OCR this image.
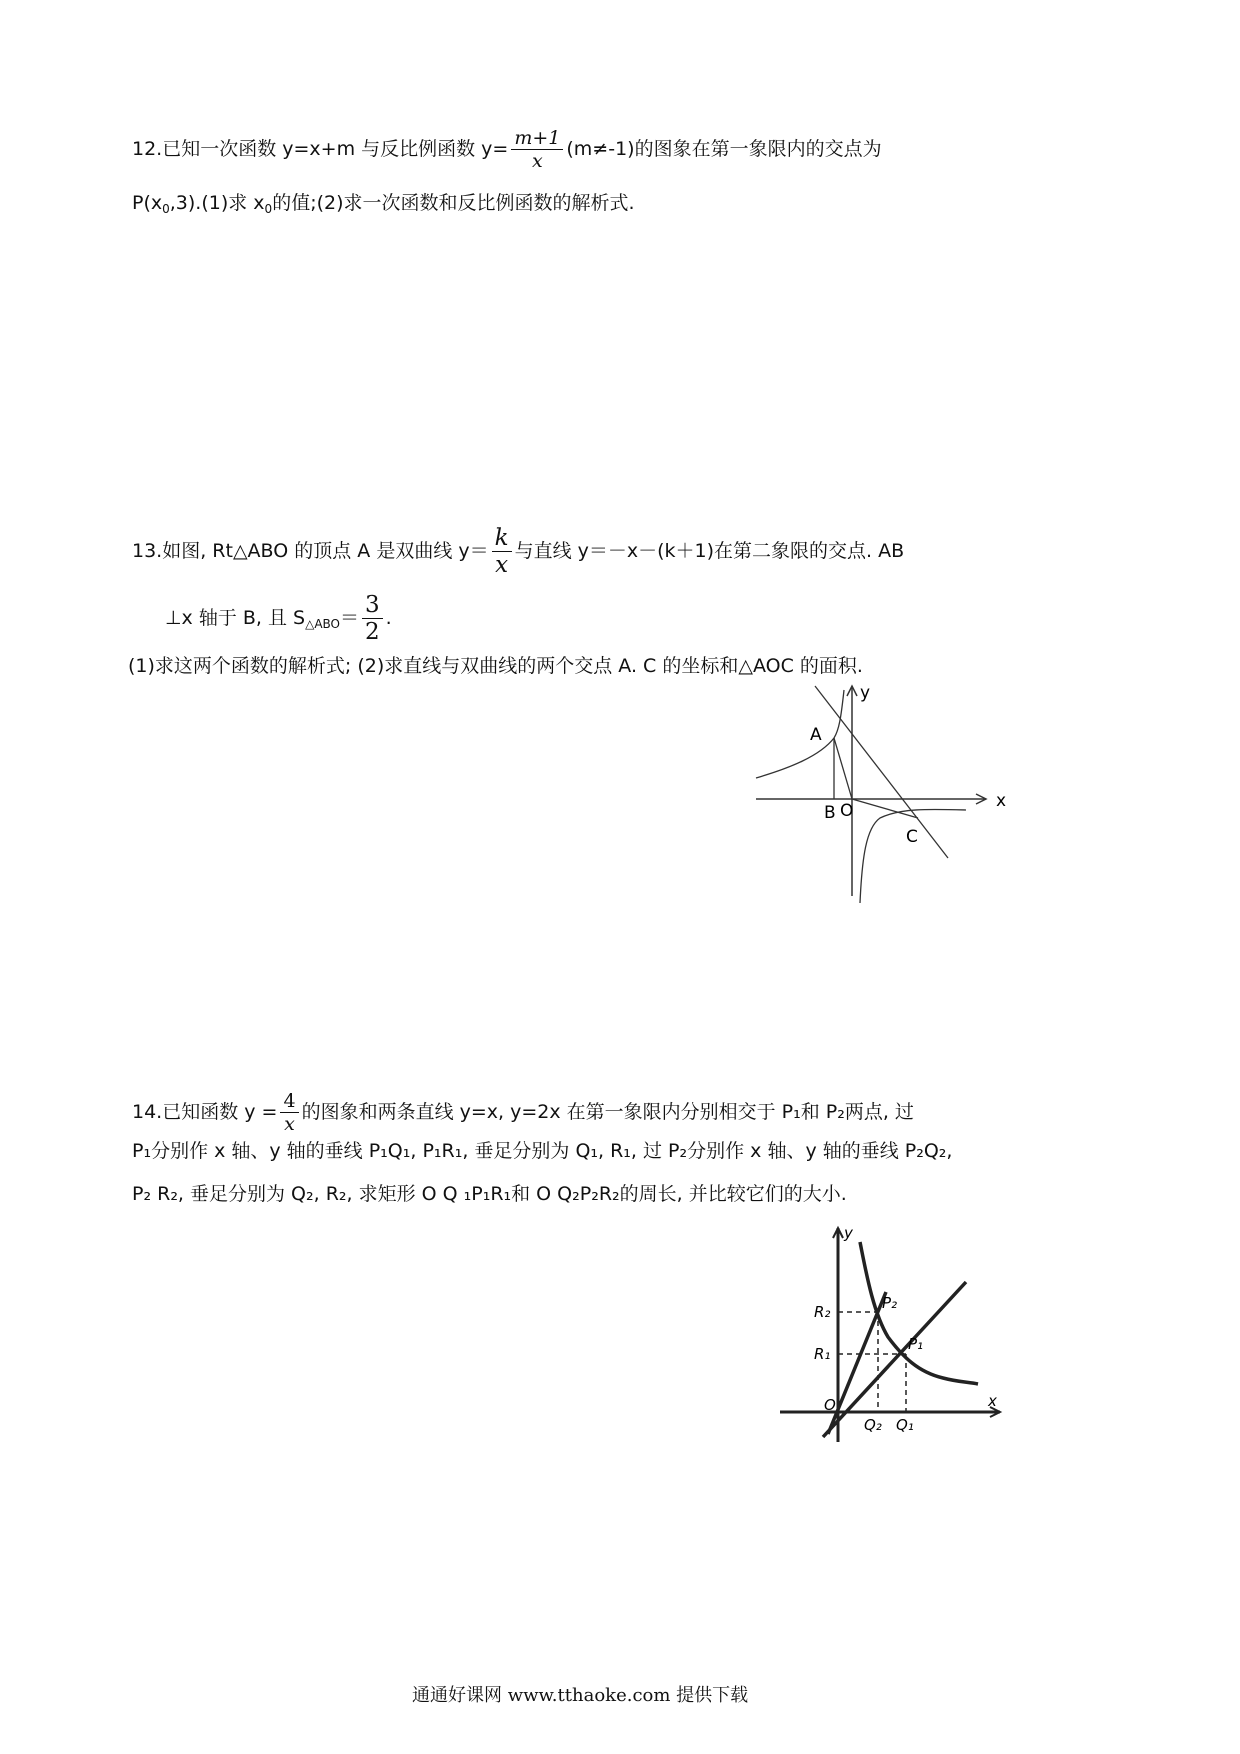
12.已知一次函数 y=x+m 与反比例函数 $y= \frac{m+1}{x} (m\ne-1)$的图象在第一象限内的交点为
$P(x_0,3).(1)$求 $x_0$的值;(2)求一次函数和反比例函数的解析式.
13.如图, Rt△ABO 的顶点 A 是双曲线 $y= \frac{k}{x}$ 与直线 y＝－x－(k＋1)在第二象限的交点. AB
⊥x 轴于 B, 且 $S_{\triangle ABO}= \frac{3}{2}$ .
(1)求这两个函数的解析式; (2)求直线与双曲线的两个交点 A. C 的坐标和△AOC 的面积.
y
x
A
B O
C
14.已知函数 $y = \frac{4}{x}$ 的图象和两条直线 y=x, y=2x 在第一象限内分别相交于 P₁和 P₂两点, 过
P₁分别作 x 轴、y 轴的垂线 P₁Q₁, P₁R₁, 垂足分别为 Q₁, R₁, 过 P₂分别作 x 轴、y 轴的垂线 P₂Q₂,
P₂ R₂, 垂足分别为 Q₂, R₂, 求矩形 O Q ₁P₁R₁和 O Q₂P₂R₂的周长, 并比较它们的大小.
y
x
O
R₂
R₁
P₂
P₁
Q₂ Q₁
通通好课网 www.tthaoke.com 提供下载
